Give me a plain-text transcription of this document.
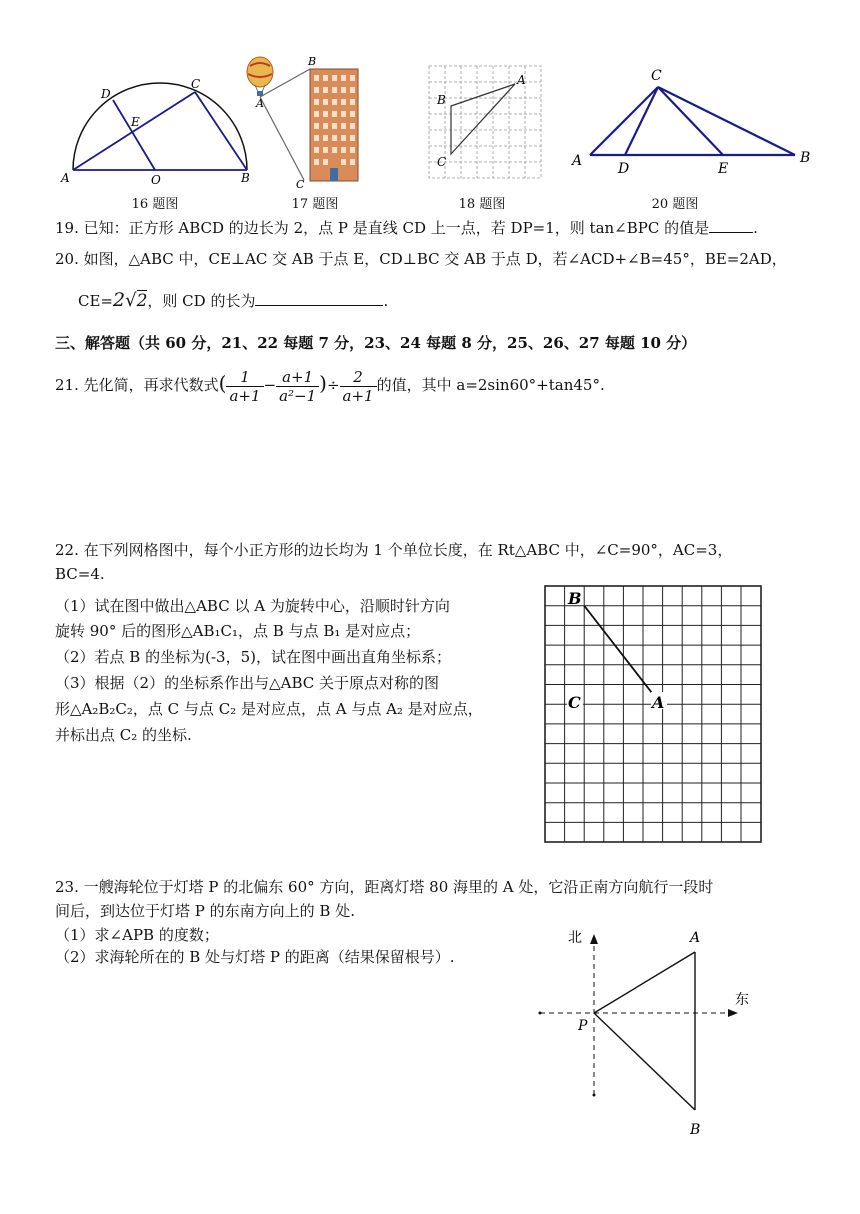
D
C
E
A	O	B
16 题图
B
A
C
17 题图
A
B
C
18 题图
C
A	D	E
B
20 题图
19. 已知：正方形 ABCD 的边长为 2，点 P 是直线 CD 上一点，若 DP=1，则 tan∠BPC 的值是	.
20. 如图，△ABC 中，CE⊥AC 交 AB 于点 E，CD⊥BC 交 AB 于点 D，若∠ACD+∠B=45°，BE=2AD，
CE=2√2，则 CD 的长为	.
三、解答题（共 60 分，21、22 每题 7 分，23、24 每题 8 分，25、26、27 每题 10 分）
21. 先化简，再求代数式( $\frac{1}{a+1} - \frac{a+1}{\text{a²−1}}$ )÷ $\frac{2}{a+1}$ 的值，其中 a=2sin60°+tan45°.
22. 在下列网格图中，每个小正方形的边长均为 1 个单位长度，在 Rt△ABC 中，∠C=90°，AC=3，
BC=4.
（1）试在图中做出△ABC 以 A 为旋转中心，沿顺时针方向
旋转 90° 后的图形△AB₁C₁，点 B 与点 B₁ 是对应点；
（2）若点 B 的坐标为(-3，5)，试在图中画出直角坐标系；
（3）根据（2）的坐标系作出与△ABC 关于原点对称的图
形△A₂B₂C₂，点 C 与点 C₂ 是对应点，点 A 与点 A₂ 是对应点，
并标出点 C₂ 的坐标.
B
C	A
23. 一艘海轮位于灯塔 P 的北偏东 60° 方向，距离灯塔 80 海里的 A 处，它沿正南方向航行一段时
间后，到达位于灯塔 P 的东南方向上的 B 处.
（1）求∠APB 的度数；
（2）求海轮所在的 B 处与灯塔 P 的距离（结果保留根号）.
北
东
A
P
B
